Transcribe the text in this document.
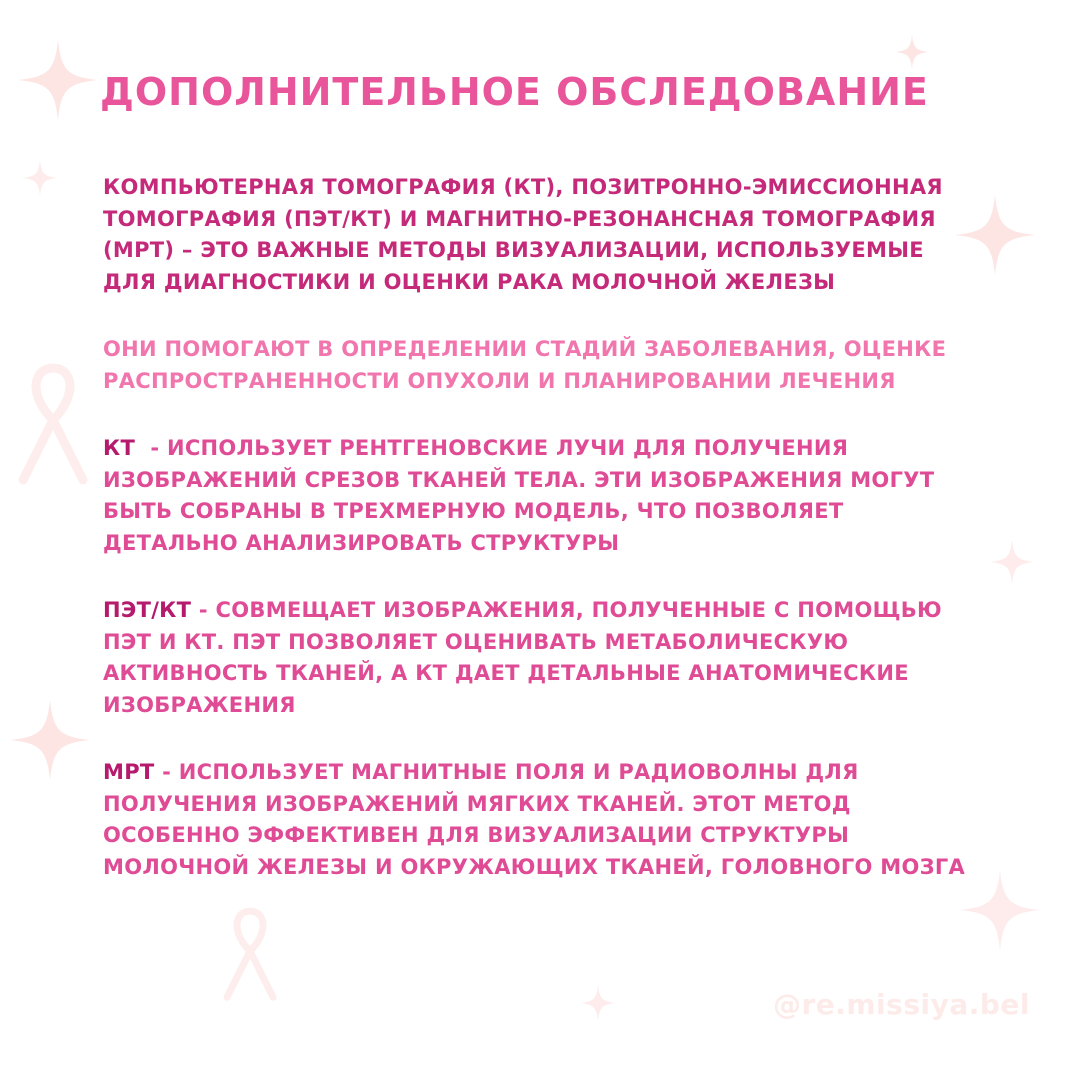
ДОПОЛНИТЕЛЬНОЕ ОБСЛЕДОВАНИЕ

КОМПЬЮТЕРНАЯ ТОМОГРАФИЯ (КТ), ПОЗИТРОННО-ЭМИССИОННАЯ ТОМОГРАФИЯ (ПЭТ/КТ) И МАГНИТНО-РЕЗОНАНСНАЯ ТОМОГРАФИЯ (МРТ) – ЭТО ВАЖНЫЕ МЕТОДЫ ВИЗУАЛИЗАЦИИ, ИСПОЛЬЗУЕМЫЕ ДЛЯ ДИАГНОСТИКИ И ОЦЕНКИ РАКА МОЛОЧНОЙ ЖЕЛЕЗЫ

ОНИ ПОМОГАЮТ В ОПРЕДЕЛЕНИИ СТАДИЙ ЗАБОЛЕВАНИЯ, ОЦЕНКЕ РАСПРОСТРАНЕННОСТИ ОПУХОЛИ И ПЛАНИРОВАНИИ ЛЕЧЕНИЯ

КТ  - ИСПОЛЬЗУЕТ РЕНТГЕНОВСКИЕ ЛУЧИ ДЛЯ ПОЛУЧЕНИЯ ИЗОБРАЖЕНИЙ СРЕЗОВ ТКАНЕЙ ТЕЛА. ЭТИ ИЗОБРАЖЕНИЯ МОГУТ БЫТЬ СОБРАНЫ В ТРЕХМЕРНУЮ МОДЕЛЬ, ЧТО ПОЗВОЛЯЕТ ДЕТАЛЬНО АНАЛИЗИРОВАТЬ СТРУКТУРЫ

ПЭТ/КТ - СОВМЕЩАЕТ ИЗОБРАЖЕНИЯ, ПОЛУЧЕННЫЕ С ПОМОЩЬЮ ПЭТ И КТ. ПЭТ ПОЗВОЛЯЕТ ОЦЕНИВАТЬ МЕТАБОЛИЧЕСКУЮ АКТИВНОСТЬ ТКАНЕЙ, А КТ ДАЕТ ДЕТАЛЬНЫЕ АНАТОМИЧЕСКИЕ ИЗОБРАЖЕНИЯ

МРТ - ИСПОЛЬЗУЕТ МАГНИТНЫЕ ПОЛЯ И РАДИОВОЛНЫ ДЛЯ ПОЛУЧЕНИЯ ИЗОБРАЖЕНИЙ МЯГКИХ ТКАНЕЙ. ЭТОТ МЕТОД ОСОБЕННО ЭФФЕКТИВЕН ДЛЯ ВИЗУАЛИЗАЦИИ СТРУКТУРЫ МОЛОЧНОЙ ЖЕЛЕЗЫ И ОКРУЖАЮЩИХ ТКАНЕЙ, ГОЛОВНОГО МОЗГА

@re.missiya.bel
